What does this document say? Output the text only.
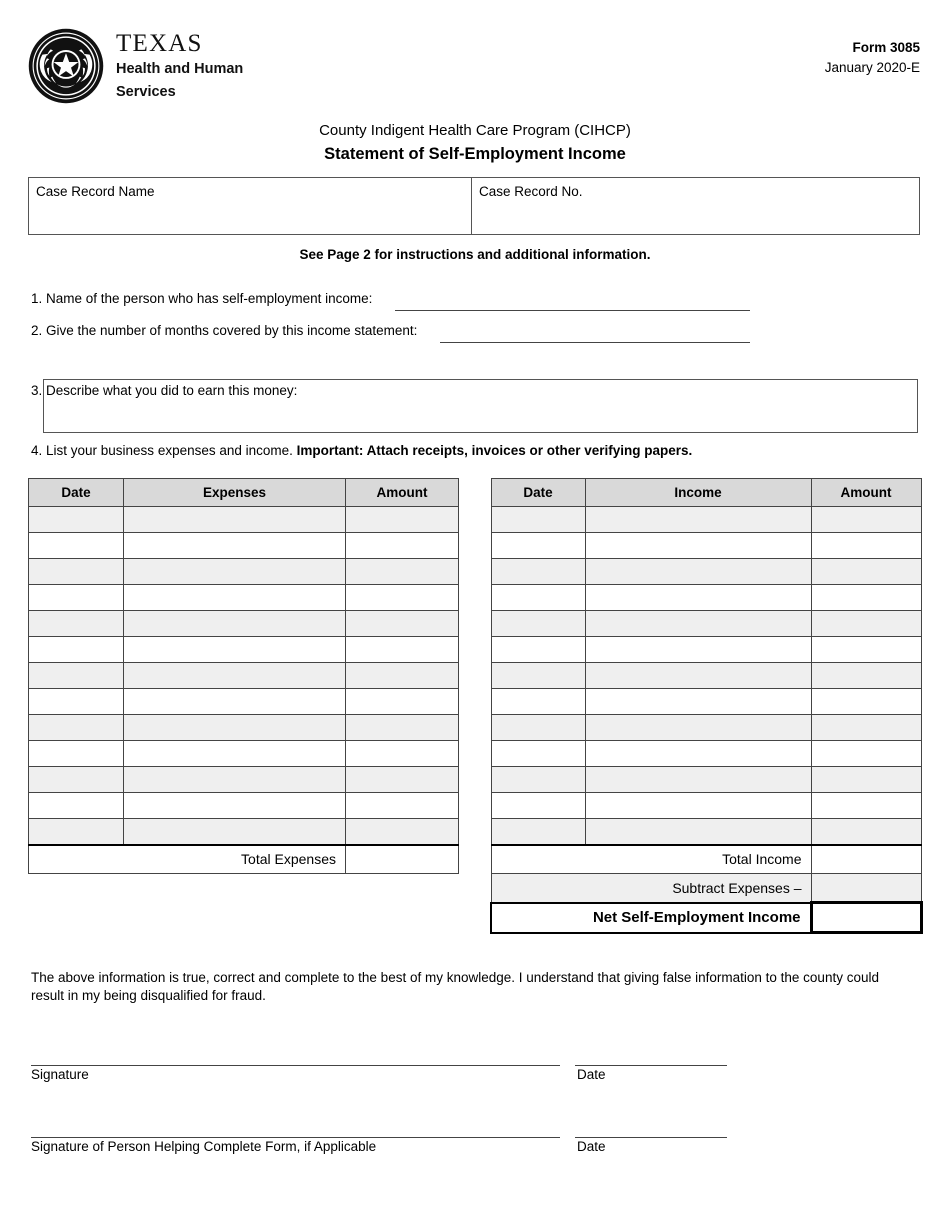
TEXAS
Health and Human
Services
Form 3085
January 2020-E
County Indigent Health Care Program (CIHCP)
Statement of Self-Employment Income
Case Record Name	Case Record No.
See Page 2 for instructions and additional information.
1. Name of the person who has self-employment income:
2. Give the number of months covered by this income statement:
3. Describe what you did to earn this money:
4. List your business expenses and income. Important: Attach receipts, invoices or other verifying papers.
Date	Expenses	Amount

Total Expenses		
Date	Income	Amount

Total Income		
Subtract Expenses –		
Net Self-Employment Income		
The above information is true, correct and complete to the best of my knowledge. I understand that giving false information to the county could result in my being disqualified for fraud.
Signature	Date
Signature of Person Helping Complete Form, if Applicable	Date
